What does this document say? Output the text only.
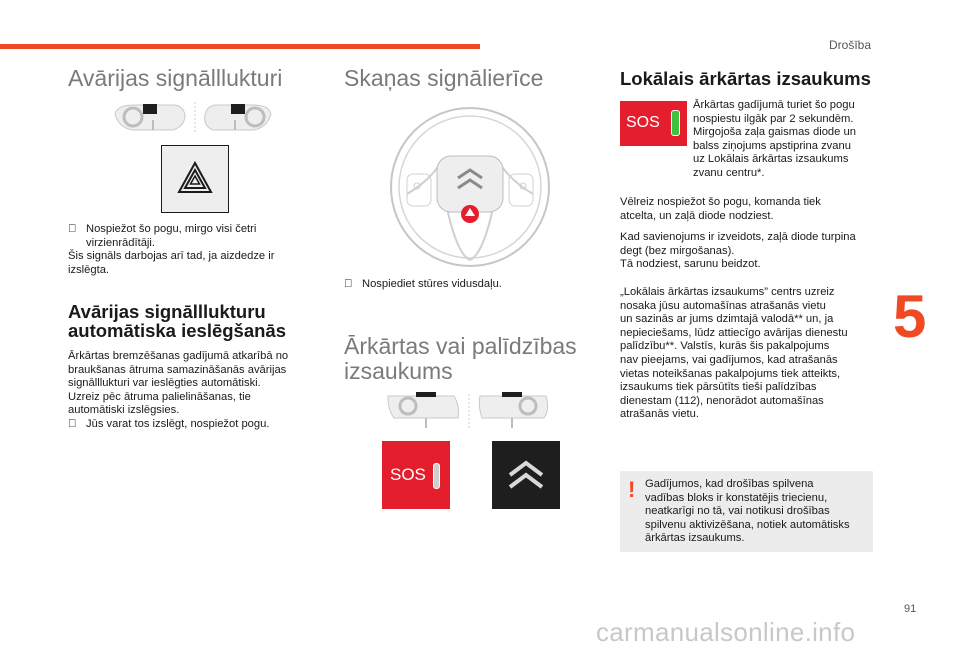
Drošība
5
91
carmanualsonline.info
Avārijas signālllukturi
Nospiežot šo pogu, mirgo visi četri
virzienrādītāji.
Šis signāls darbojas arī tad, ja aizdedze ir
izslēgta.
Avārijas signālllukturu
automātiska ieslēgšanās
Ārkārtas bremzēšanas gadījumā atkarībā no
braukšanas ātruma samazināšanās avārijas
signālllukturi var ieslēgties automātiski.
Uzreiz pēc ātruma palielināšanas, tie
automātiski izslēgsies.
Jūs varat tos izslēgt, nospiežot pogu.
Skaņas signālierīce
Nospiediet stūres vidusdaļu.
Ārkārtas vai palīdzības
izsaukums
SOS
Lokālais ārkārtas izsaukums
SOS
Ārkārtas gadījumā turiet šo pogu
nospiestu ilgāk par 2 sekundēm.
Mirgojoša zaļa gaismas diode un
balss ziņojums apstiprina zvanu
uz Lokālais ārkārtas izsaukums
zvanu centru*.
Vēlreiz nospiežot šo pogu, komanda tiek
atcelta, un zaļā diode nodziest.
Kad savienojums ir izveidots, zaļā diode turpina
degt (bez mirgošanas).
Tā nodziest, sarunu beidzot.
„Lokālais ārkārtas izsaukums” centrs uzreiz
nosaka jūsu automašīnas atrašanās vietu
un sazinās ar jums dzimtajā valodā** un, ja
nepieciešams, lūdz attiecīgo avārijas dienestu
palīdzību**. Valstīs, kurās šis pakalpojums
nav pieejams, vai gadījumos, kad atrašanās
vietas noteikšanas pakalpojums tiek atteikts,
izsaukums tiek pārsūtīts tieši palīdzības
dienestam (112), nenorādot automašīnas
atrašanās vietu.
! Gadījumos, kad drošības spilvena
vadības bloks ir konstatējis triecienu,
neatkarīgi no tā, vai notikusi drošības
spilvenu aktivizēšana, notiek automātisks
ārkārtas izsaukums.
